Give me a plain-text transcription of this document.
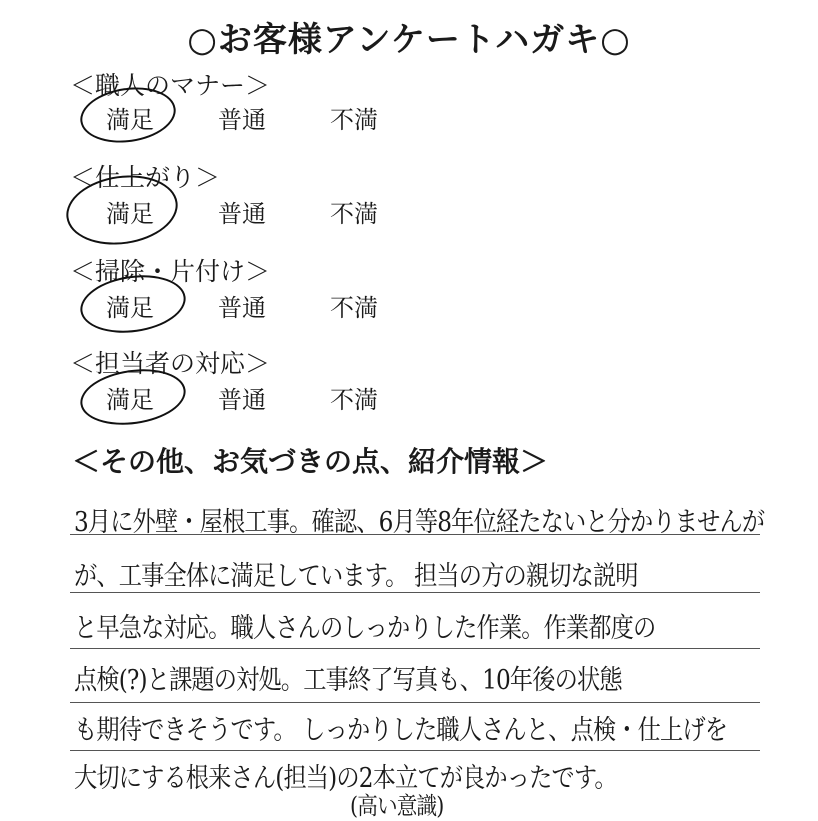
○お客様アンケートハガキ○
＜職人のマナー＞
満足	普通	不満
＜仕上がり＞
満足	普通	不満
＜掃除・片付け＞
満足	普通	不満
＜担当者の対応＞
満足	普通	不満
＜その他、お気づきの点、紹介情報＞
3月に外壁・屋根工事。確認、6月等8年位経たないと分かりませんが
が、工事全体に満足しています。 担当の方の親切な説明
と早急な対応。職人さんのしっかりした作業。作業都度の
点検(?)と課題の対処。工事終了写真も、10年後の状態
も期待できそうです。 しっかりした職人さんと、点検・仕上げを
大切にする根来さん(担当)の2本立てが良かったです。
(高い意識)
